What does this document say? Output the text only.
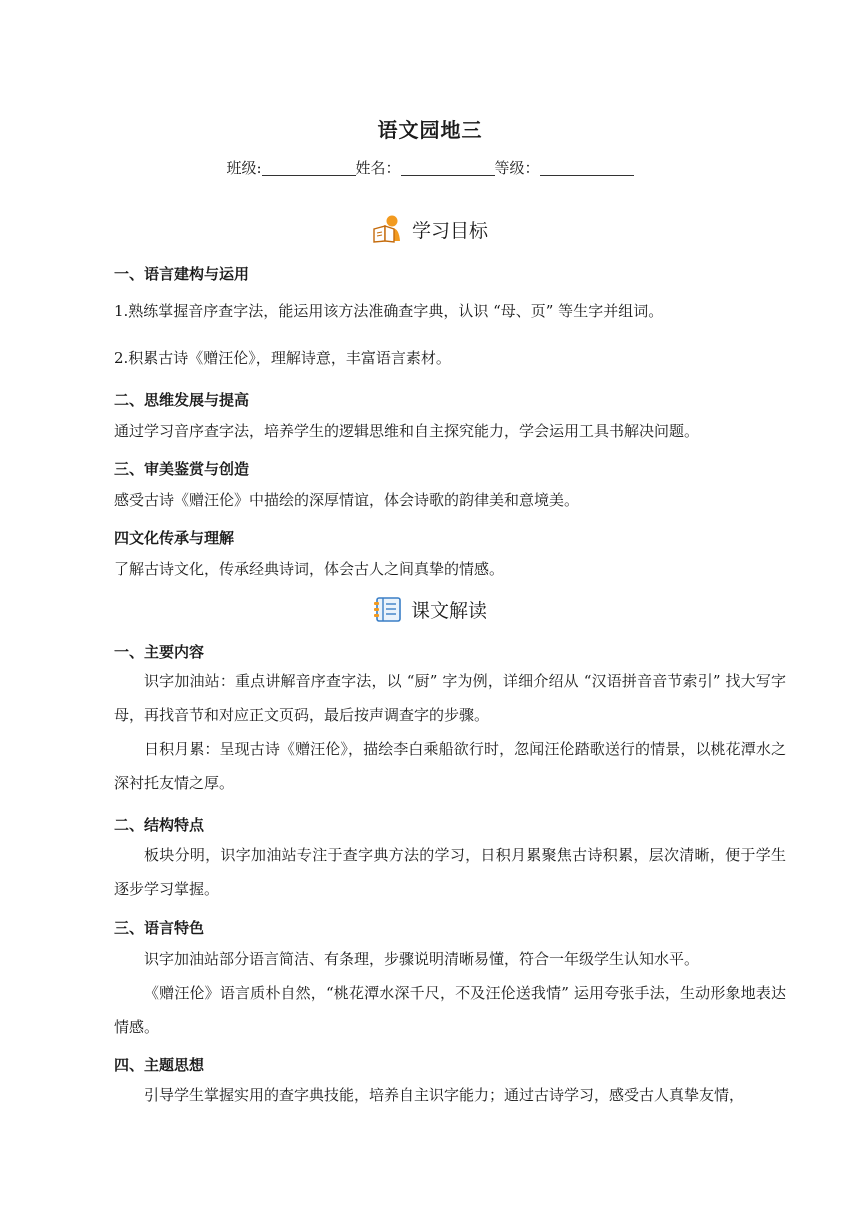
语文园地三
班级:	姓名：	等级：
学习目标
一、语言建构与运用
1.熟练掌握音序查字法，能运用该方法准确查字典，认识 “母、页” 等生字并组词。
2.积累古诗《赠汪伦》，理解诗意，丰富语言素材。
二、思维发展与提高
通过学习音序查字法，培养学生的逻辑思维和自主探究能力，学会运用工具书解决问题。
三、审美鉴赏与创造
感受古诗《赠汪伦》中描绘的深厚情谊，体会诗歌的韵律美和意境美。
四文化传承与理解
了解古诗文化，传承经典诗词，体会古人之间真挚的情感。
课文解读
一、主要内容
识字加油站：重点讲解音序查字法，以 “厨” 字为例，详细介绍从 “汉语拼音音节索引” 找大写字母，再找音节和对应正文页码，最后按声调查字的步骤。
日积月累：呈现古诗《赠汪伦》，描绘李白乘船欲行时，忽闻汪伦踏歌送行的情景，以桃花潭水之深衬托友情之厚。
二、结构特点
板块分明，识字加油站专注于查字典方法的学习，日积月累聚焦古诗积累，层次清晰，便于学生逐步学习掌握。
三、语言特色
识字加油站部分语言简洁、有条理，步骤说明清晰易懂，符合一年级学生认知水平。
《赠汪伦》语言质朴自然，“桃花潭水深千尺，不及汪伦送我情” 运用夸张手法，生动形象地表达情感。
四、主题思想
引导学生掌握实用的查字典技能，培养自主识字能力；通过古诗学习，感受古人真挚友情，
